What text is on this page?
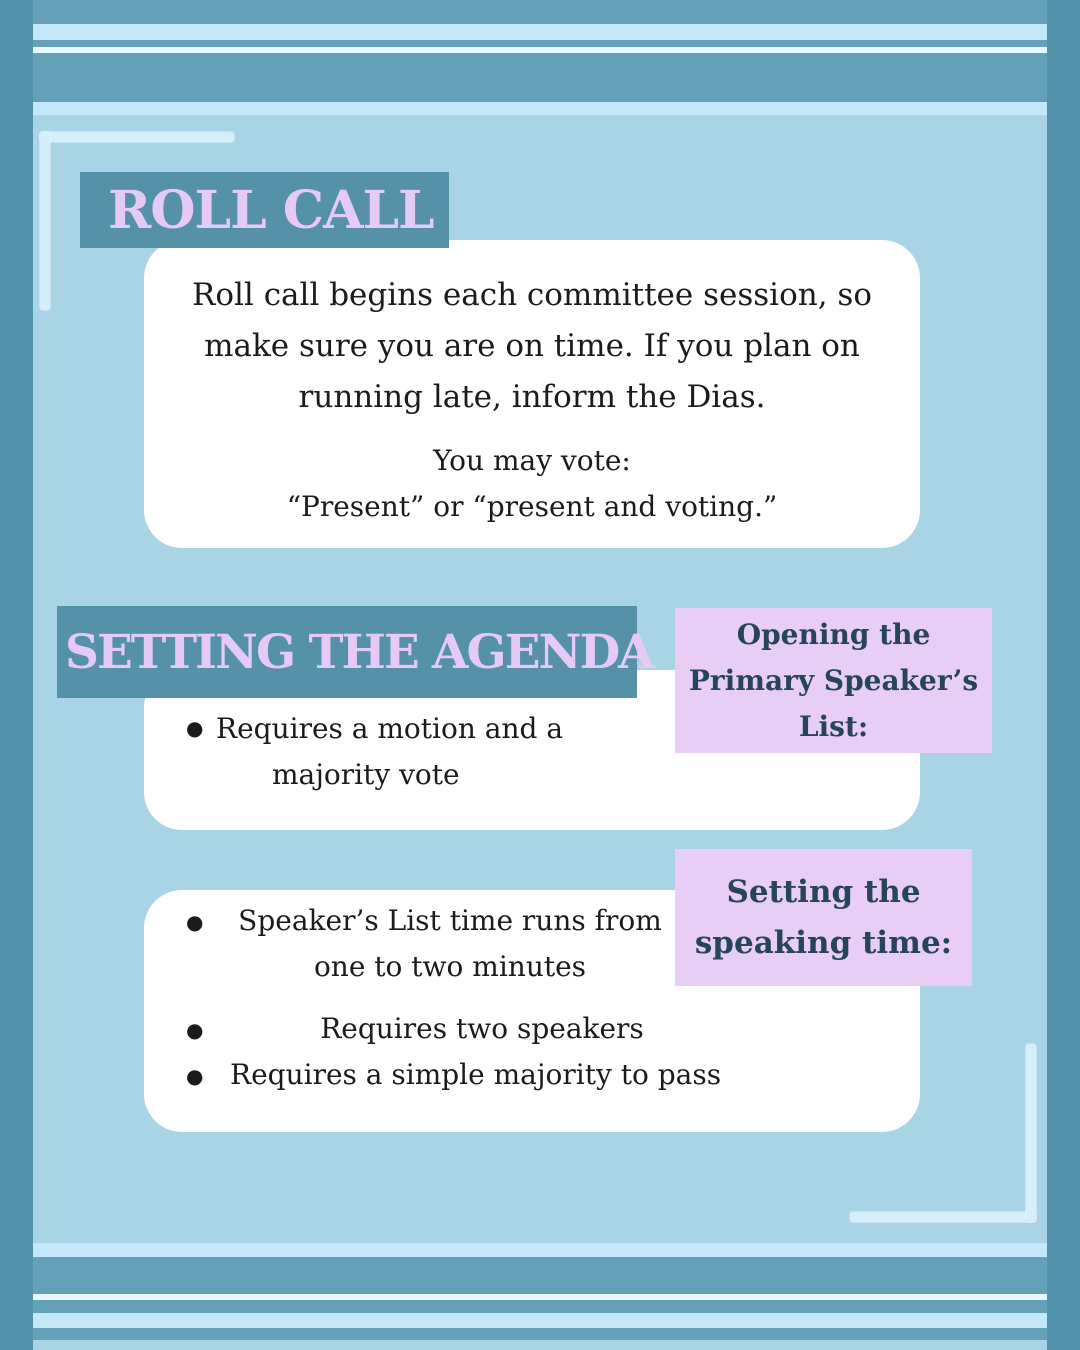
ROLL CALL
Roll call begins each committee session, so
make sure you are on time. If you plan on
running late, inform the Dias.
You may vote:
“Present” or “present and voting.”
SETTING THE AGENDA
● Requires a motion and a
majority vote
Opening the
Primary Speaker’s
List:
Setting the
speaking time:
● Speaker’s List time runs from
one to two minutes
●	Requires two speakers
● Requires a simple majority to pass
